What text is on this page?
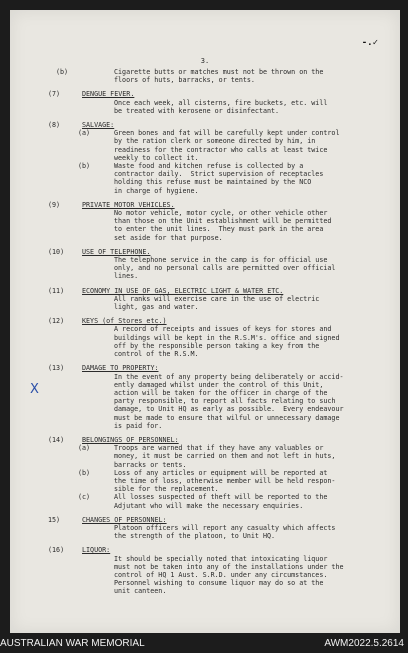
3.
-.✓
X
(b)	Cigarette butts or matches must not be thrown on the
floors of huts, barracks, or tents.
(7)	DENGUE FEVER.
Once each week, all cisterns, fire buckets, etc. will
be treated with kerosene or disinfectant.
(8)	SALVAGE:
(a)	Green bones and fat will be carefully kept under control
by the ration clerk or someone directed by him, in
readiness for the contractor who calls at least twice
weekly to collect it.
(b)	Waste food and kitchen refuse is collected by a
contractor daily.  Strict supervision of receptacles
holding this refuse must be maintained by the NCO
in charge of hygiene.
(9)	PRIVATE MOTOR VEHICLES.
No motor vehicle, motor cycle, or other vehicle other
than those on the Unit establishment will be permitted
to enter the unit lines.  They must park in the area
set aside for that purpose.
(10)	USE OF TELEPHONE.
The telephone service in the camp is for official use
only, and no personal calls are permitted over official
lines.
(11)	ECONOMY IN USE OF GAS, ELECTRIC LIGHT & WATER ETC.
All ranks will exercise care in the use of electric
light, gas and water.
(12)	KEYS (of Stores etc.)
A record of receipts and issues of keys for stores and
buildings will be kept in the R.S.M's. office and signed
off by the responsible person taking a key from the
control of the R.S.M.
(13)	DAMAGE TO PROPERTY:
In the event of any property being deliberately or accid-
ently damaged whilst under the control of this Unit,
action will be taken for the officer in charge of the
party responsible, to report all facts relating to such
damage, to Unit HQ as early as possible.  Every endeavour
must be made to ensure that wilful or unnecessary damage
is paid for.
(14)	BELONGINGS OF PERSONNEL:
(a)	Troops are warned that if they have any valuables or
money, it must be carried on them and not left in huts,
barracks or tents.
(b)	Loss of any articles or equipment will be reported at
the time of loss, otherwise member will be held respon-
sible for the replacement.
(c)	All losses suspected of theft will be reported to the
Adjutant who will make the necessary enquiries.
15)	CHANGES OF PERSONNEL:
Platoon officers will report any casualty which affects
the strength of the platoon, to Unit HQ.
(16)	LIQUOR:
It should be specially noted that intoxicating liquor
must not be taken into any of the installations under the
control of HQ 1 Aust. S.R.D. under any circumstances.
Personnel wishing to consume liquor may do so at the
unit canteen.
AUSTRALIAN WAR MEMORIAL	AWM2022.5.2614
